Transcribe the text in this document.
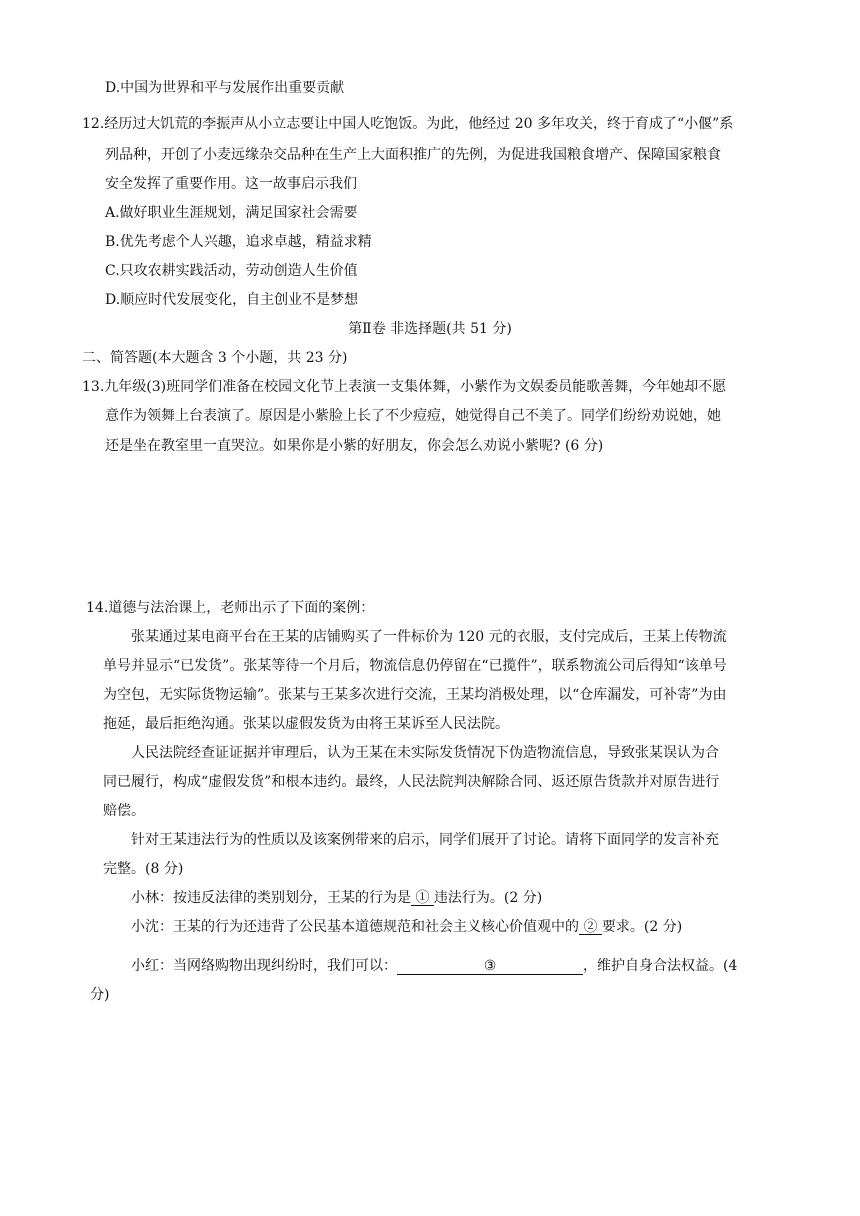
D.中国为世界和平与发展作出重要贡献
12.经历过大饥荒的李振声从小立志要让中国人吃饱饭。为此，他经过 20 多年攻关，终于育成了“小偃”系
列品种，开创了小麦远缘杂交品种在生产上大面积推广的先例，为促进我国粮食增产、保障国家粮食
安全发挥了重要作用。这一故事启示我们
A.做好职业生涯规划，满足国家社会需要
B.优先考虑个人兴趣，追求卓越，精益求精
C.只攻农耕实践活动，劳动创造人生价值
D.顺应时代发展变化，自主创业不是梦想
第Ⅱ卷 非选择题(共 51 分)
二、简答题(本大题含 3 个小题，共 23 分)
13.九年级(3)班同学们准备在校园文化节上表演一支集体舞，小紫作为文娱委员能歌善舞，今年她却不愿
意作为领舞上台表演了。原因是小紫脸上长了不少痘痘，她觉得自己不美了。同学们纷纷劝说她，她
还是坐在教室里一直哭泣。如果你是小紫的好朋友，你会怎么劝说小紫呢? (6 分)
14.道德与法治课上，老师出示了下面的案例：
张某通过某电商平台在王某的店铺购买了一件标价为 120 元的衣服，支付完成后，王某上传物流
单号并显示“已发货”。张某等待一个月后，物流信息仍停留在“已揽件”，联系物流公司后得知“该单号
为空包，无实际货物运输”。张某与王某多次进行交流，王某均消极处理，以“仓库漏发，可补寄”为由
拖延，最后拒绝沟通。张某以虚假发货为由将王某诉至人民法院。
人民法院经查证证据并审理后，认为王某在未实际发货情况下伪造物流信息，导致张某误认为合
同已履行，构成“虚假发货”和根本违约。最终，人民法院判决解除合同、返还原告货款并对原告进行
赔偿。
针对王某违法行为的性质以及该案例带来的启示，同学们展开了讨论。请将下面同学的发言补充
完整。(8 分)
小林：按违反法律的类别划分，王某的行为是 ① 违法行为。(2 分)
小沈：王某的行为还违背了公民基本道德规范和社会主义核心价值观中的 ② 要求。(2 分)
小红：当网络购物出现纠纷时，我们可以：	③	，维护自身合法权益。(4
分)
